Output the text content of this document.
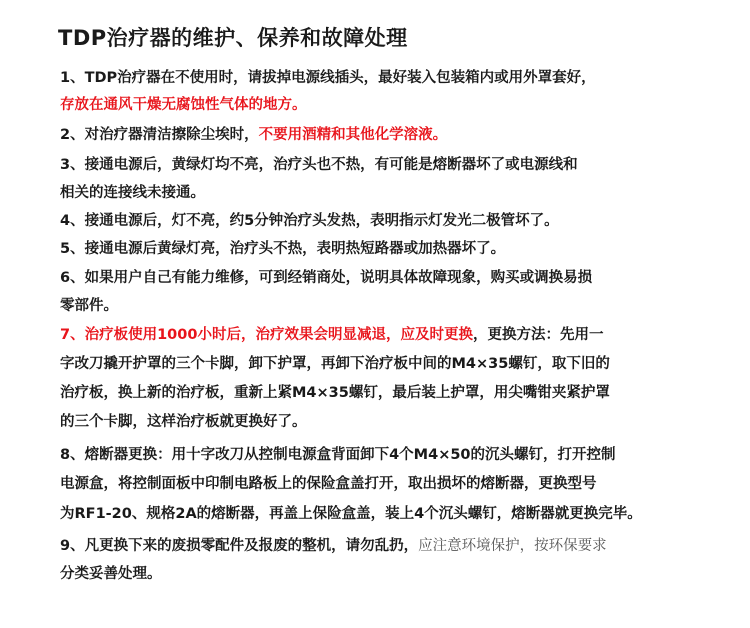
TDP治疗器的维护、保养和故障处理
1、TDP治疗器在不使用时，请拔掉电源线插头，最好装入包装箱内或用外罩套好，
存放在通风干燥无腐蚀性气体的地方。
2、对治疗器清洁擦除尘埃时，不要用酒精和其他化学溶液。
3、接通电源后，黄绿灯均不亮，治疗头也不热，有可能是熔断器坏了或电源线和
相关的连接线未接通。
4、接通电源后，灯不亮，约5分钟治疗头发热，表明指示灯发光二极管坏了。
5、接通电源后黄绿灯亮，治疗头不热，表明热短路器或加热器坏了。
6、如果用户自己有能力维修，可到经销商处，说明具体故障现象，购买或调换易损
零部件。
7、治疗板使用1000小时后，治疗效果会明显减退，应及时更换，更换方法：先用一
字改刀撬开护罩的三个卡脚，卸下护罩，再卸下治疗板中间的M4×35螺钉，取下旧的
治疗板，换上新的治疗板，重新上紧M4×35螺钉，最后装上护罩，用尖嘴钳夹紧护罩
的三个卡脚，这样治疗板就更换好了。
8、熔断器更换：用十字改刀从控制电源盒背面卸下4个M4×50的沉头螺钉，打开控制
电源盒，将控制面板中印制电路板上的保险盒盖打开，取出损坏的熔断器，更换型号
为RF1-20、规格2A的熔断器，再盖上保险盒盖，装上4个沉头螺钉，熔断器就更换完毕。
9、凡更换下来的废损零配件及报废的整机，请勿乱扔，应注意环境保护，按环保要求
分类妥善处理。
